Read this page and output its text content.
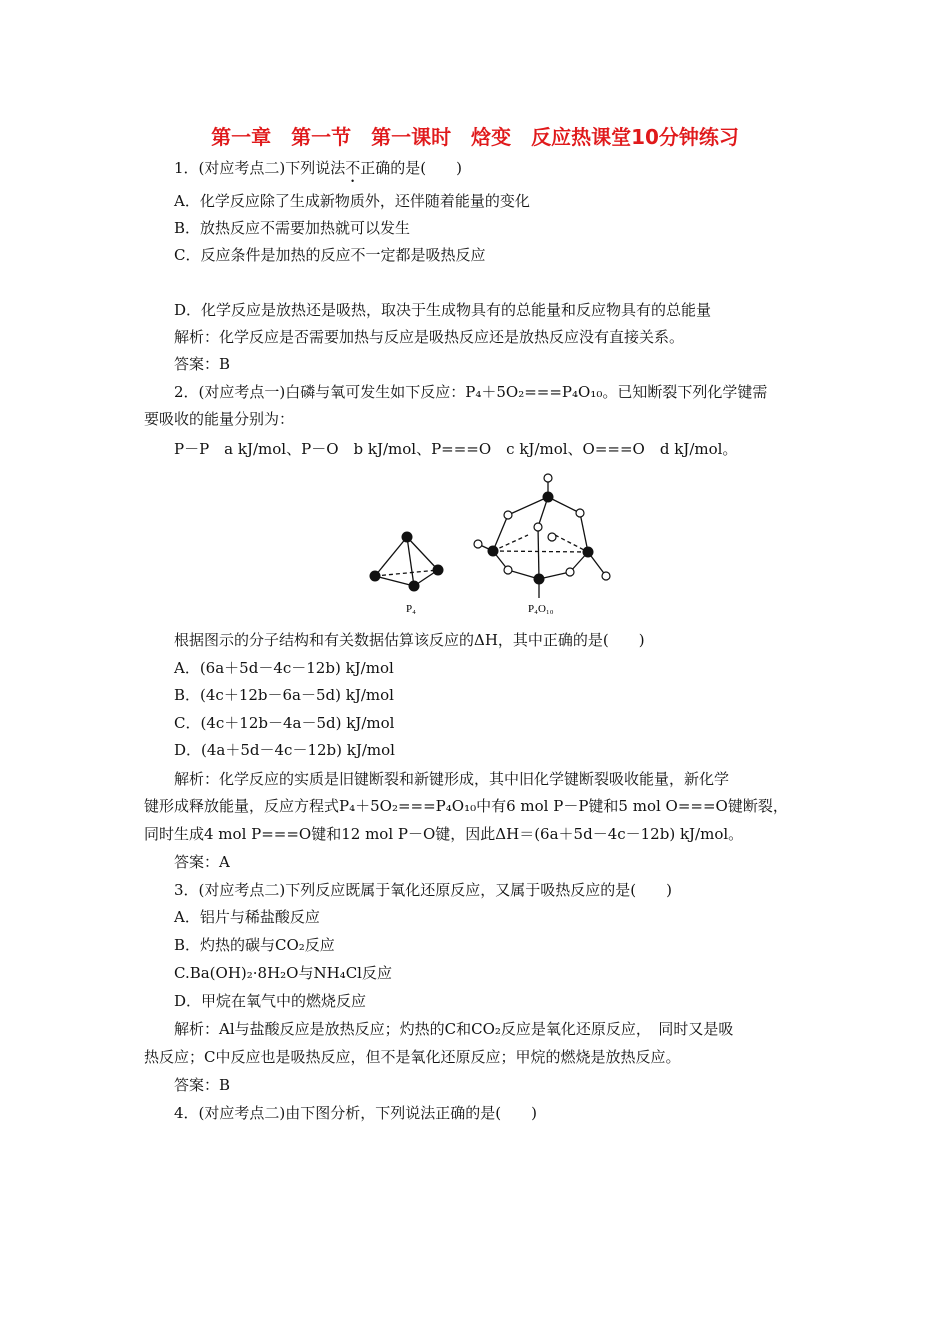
第一章　第一节　第一课时　焓变　反应热课堂10分钟练习
1．(对应考点二)下列说法不正确的是(　　)
A．化学反应除了生成新物质外，还伴随着能量的变化
B．放热反应不需要加热就可以发生
C．反应条件是加热的反应不一定都是吸热反应
D．化学反应是放热还是吸热，取决于生成物具有的总能量和反应物具有的总能量
解析：化学反应是否需要加热与反应是吸热反应还是放热反应没有直接关系。
答案：B
2．(对应考点一)白磷与氧可发生如下反应：P₄＋5O₂===P₄O₁₀。已知断裂下列化学键需
要吸收的能量分别为：
P－P　a kJ/mol、P－O　b kJ/mol、P===O　c kJ/mol、O===O　d kJ/mol。
P₄	P₄O₁₀
根据图示的分子结构和有关数据估算该反应的ΔH，其中正确的是(　　)
A．(6a＋5d－4c－12b) kJ/mol
B．(4c＋12b－6a－5d) kJ/mol
C．(4c＋12b－4a－5d) kJ/mol
D．(4a＋5d－4c－12b) kJ/mol
解析：化学反应的实质是旧键断裂和新键形成，其中旧化学键断裂吸收能量，新化学
键形成释放能量，反应方程式P₄＋5O₂===P₄O₁₀中有6 mol P－P键和5 mol O===O键断裂，
同时生成4 mol P===O键和12 mol P－O键，因此ΔH＝(6a＋5d－4c－12b) kJ/mol。
答案：A
3．(对应考点二)下列反应既属于氧化还原反应，又属于吸热反应的是(　　)
A．铝片与稀盐酸反应
B．灼热的碳与CO₂反应
C.Ba(OH)₂·8H₂O与NH₄Cl反应
D．甲烷在氧气中的燃烧反应
解析：Al与盐酸反应是放热反应；灼热的C和CO₂反应是氧化还原反应，　同时又是吸
热反应；C中反应也是吸热反应，但不是氧化还原反应；甲烷的燃烧是放热反应。
答案：B
4．(对应考点二)由下图分析，下列说法正确的是(　　)
